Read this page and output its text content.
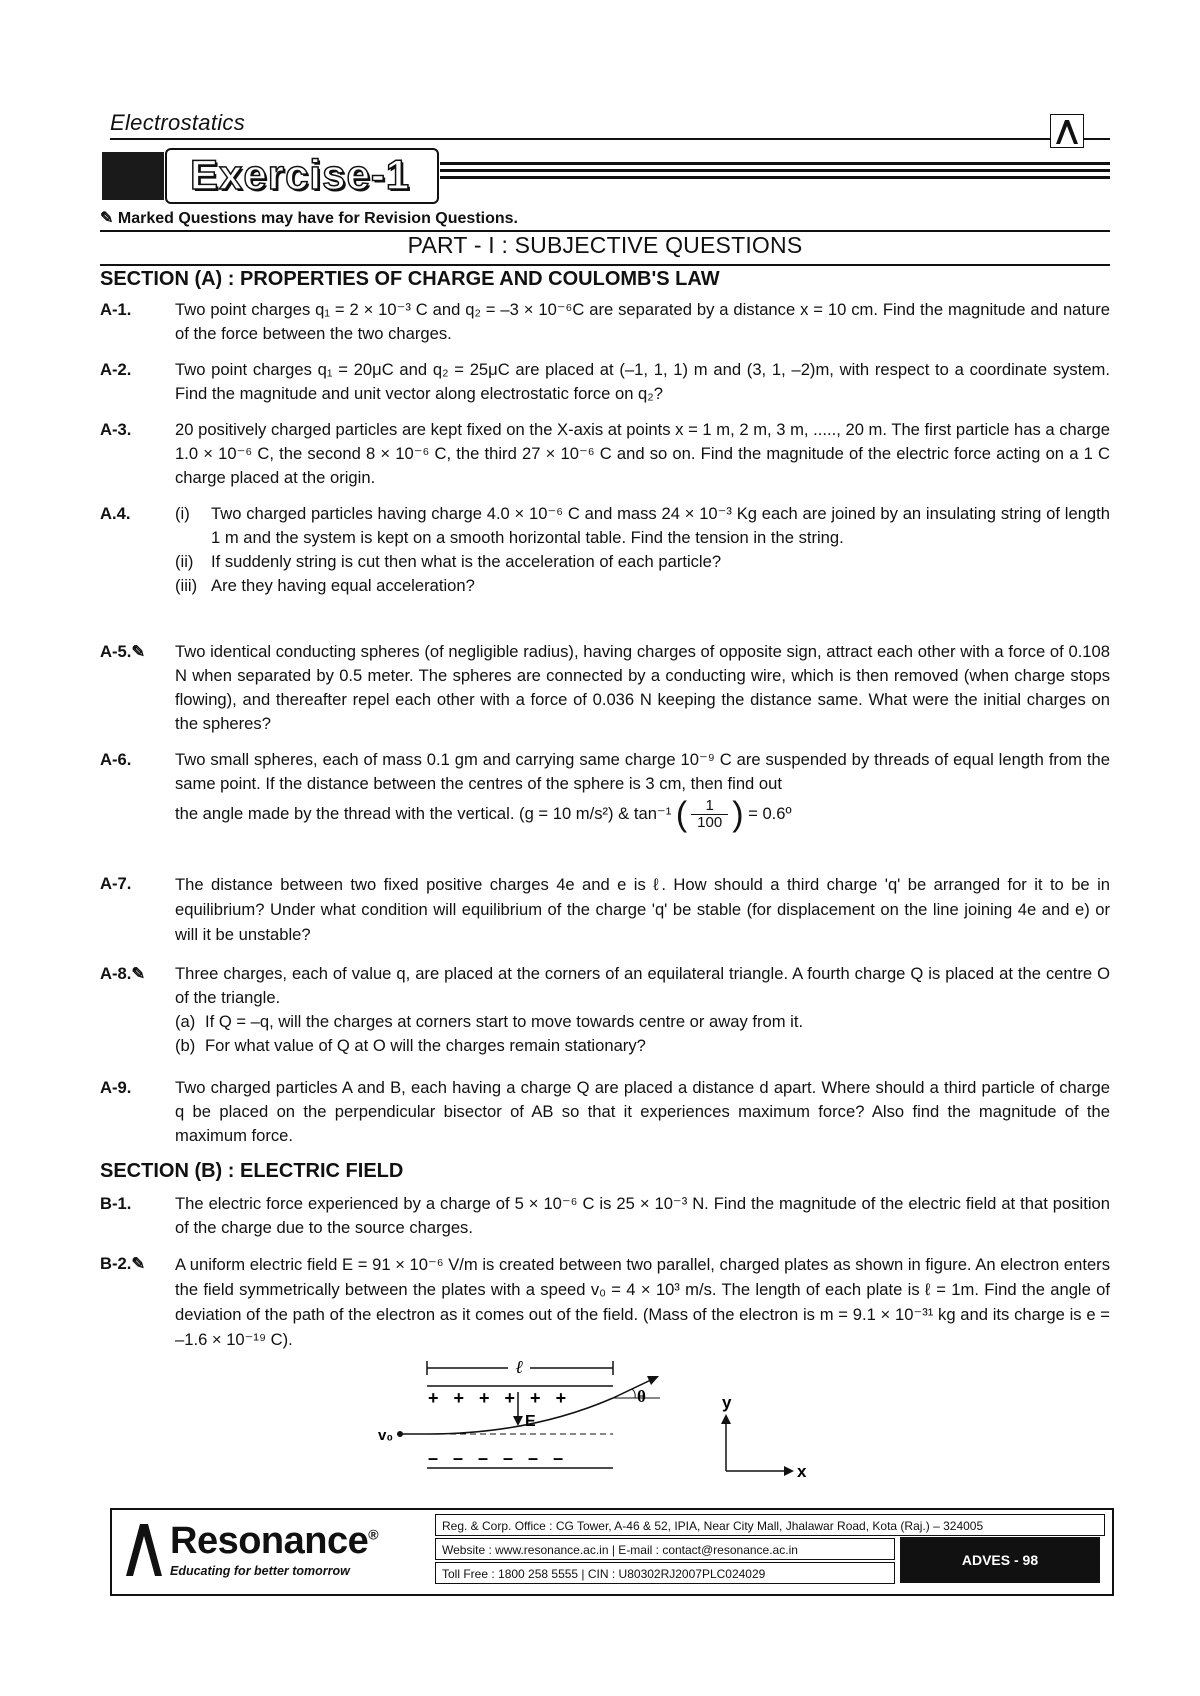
Electrostatics
Exercise-1
✎ Marked Questions may have for Revision Questions.
PART - I : SUBJECTIVE QUESTIONS
SECTION (A) : PROPERTIES OF CHARGE AND COULOMB'S LAW
A-1.	Two point charges q₁ = 2 × 10⁻³ C and q₂ = –3 × 10⁻⁶C are separated by a distance x = 10 cm. Find the magnitude and nature of the force between the two charges.
A-2.	Two point charges q₁ = 20μC and q₂ = 25μC are placed at (–1, 1, 1) m and (3, 1, –2)m, with respect to a coordinate system. Find the magnitude and unit vector along electrostatic force on q₂?
A-3.	20 positively charged particles are kept fixed on the X-axis at points x = 1 m, 2 m, 3 m, ....., 20 m. The first particle has a charge 1.0 × 10⁻⁶ C, the second 8 × 10⁻⁶ C, the third 27 × 10⁻⁶ C and so on. Find the magnitude of the electric force acting on a 1 C charge placed at the origin.
A.4.	(i)	Two charged particles having charge 4.0 × 10⁻⁶ C and mass 24 × 10⁻³ Kg each are joined by an insulating string of length 1 m and the system is kept on a smooth horizontal table. Find the tension in the string.
(ii)	If suddenly string is cut then what is the acceleration of each particle?
(iii) Are they having equal acceleration?
A-5.✎ Two identical conducting spheres (of negligible radius), having charges of opposite sign, attract each other with a force of 0.108 N when separated by 0.5 meter. The spheres are connected by a conducting wire, which is then removed (when charge stops flowing), and thereafter repel each other with a force of 0.036 N keeping the distance same. What were the initial charges on the spheres?
A-6.	Two small spheres, each of mass 0.1 gm and carrying same charge 10⁻⁹ C are suspended by threads of equal length from the same point. If the distance between the centres of the sphere is 3 cm, then find out
the angle made by the thread with the vertical. (g = 10 m/s²) & tan⁻¹ ( $\frac{1}{100}$ ) = 0.6º
A-7.	The distance between two fixed positive charges 4e and e is ℓ. How should a third charge 'q' be arranged for it to be in equilibrium? Under what condition will equilibrium of the charge 'q' be stable (for displacement on the line joining 4e and e) or will it be unstable?
A-8.✎ Three charges, each of value q, are placed at the corners of an equilateral triangle. A fourth charge Q is placed at the centre O of the triangle.
(a) If Q = –q, will the charges at corners start to move towards centre or away from it.
(b) For what value of Q at O will the charges remain stationary?
A-9.	Two charged particles A and B, each having a charge Q are placed a distance d apart. Where should a third particle of charge q be placed on the perpendicular bisector of AB so that it experiences maximum force? Also find the magnitude of the maximum force.
SECTION (B) : ELECTRIC FIELD
B-1.	The electric force experienced by a charge of 5 × 10⁻⁶ C is 25 × 10⁻³ N. Find the magnitude of the electric field at that position of the charge due to the source charges.
B-2.✎ A uniform electric field E = 91 × 10⁻⁶ V/m is created between two parallel, charged plates as shown in figure. An electron enters the field symmetrically between the plates with a speed v₀ = 4 × 10³ m/s. The length of each plate is ℓ = 1m. Find the angle of deviation of the path of the electron as it comes out of the field. (Mass of the electron is m = 9.1 × 10⁻³¹ kg and its charge is e = –1.6 × 10⁻¹⁹ C).
ℓ
+   +   +   +   +   +
–   –   –   –   –   –
E
v₀
θ	y
x
Resonance®
Educating for better tomorrow
Reg. & Corp. Office : CG Tower, A-46 & 52, IPIA, Near City Mall, Jhalawar Road, Kota (Raj.) – 324005
Website : www.resonance.ac.in | E-mail : contact@resonance.ac.in
Toll Free : 1800 258 5555 | CIN : U80302RJ2007PLC024029
ADVES - 98
